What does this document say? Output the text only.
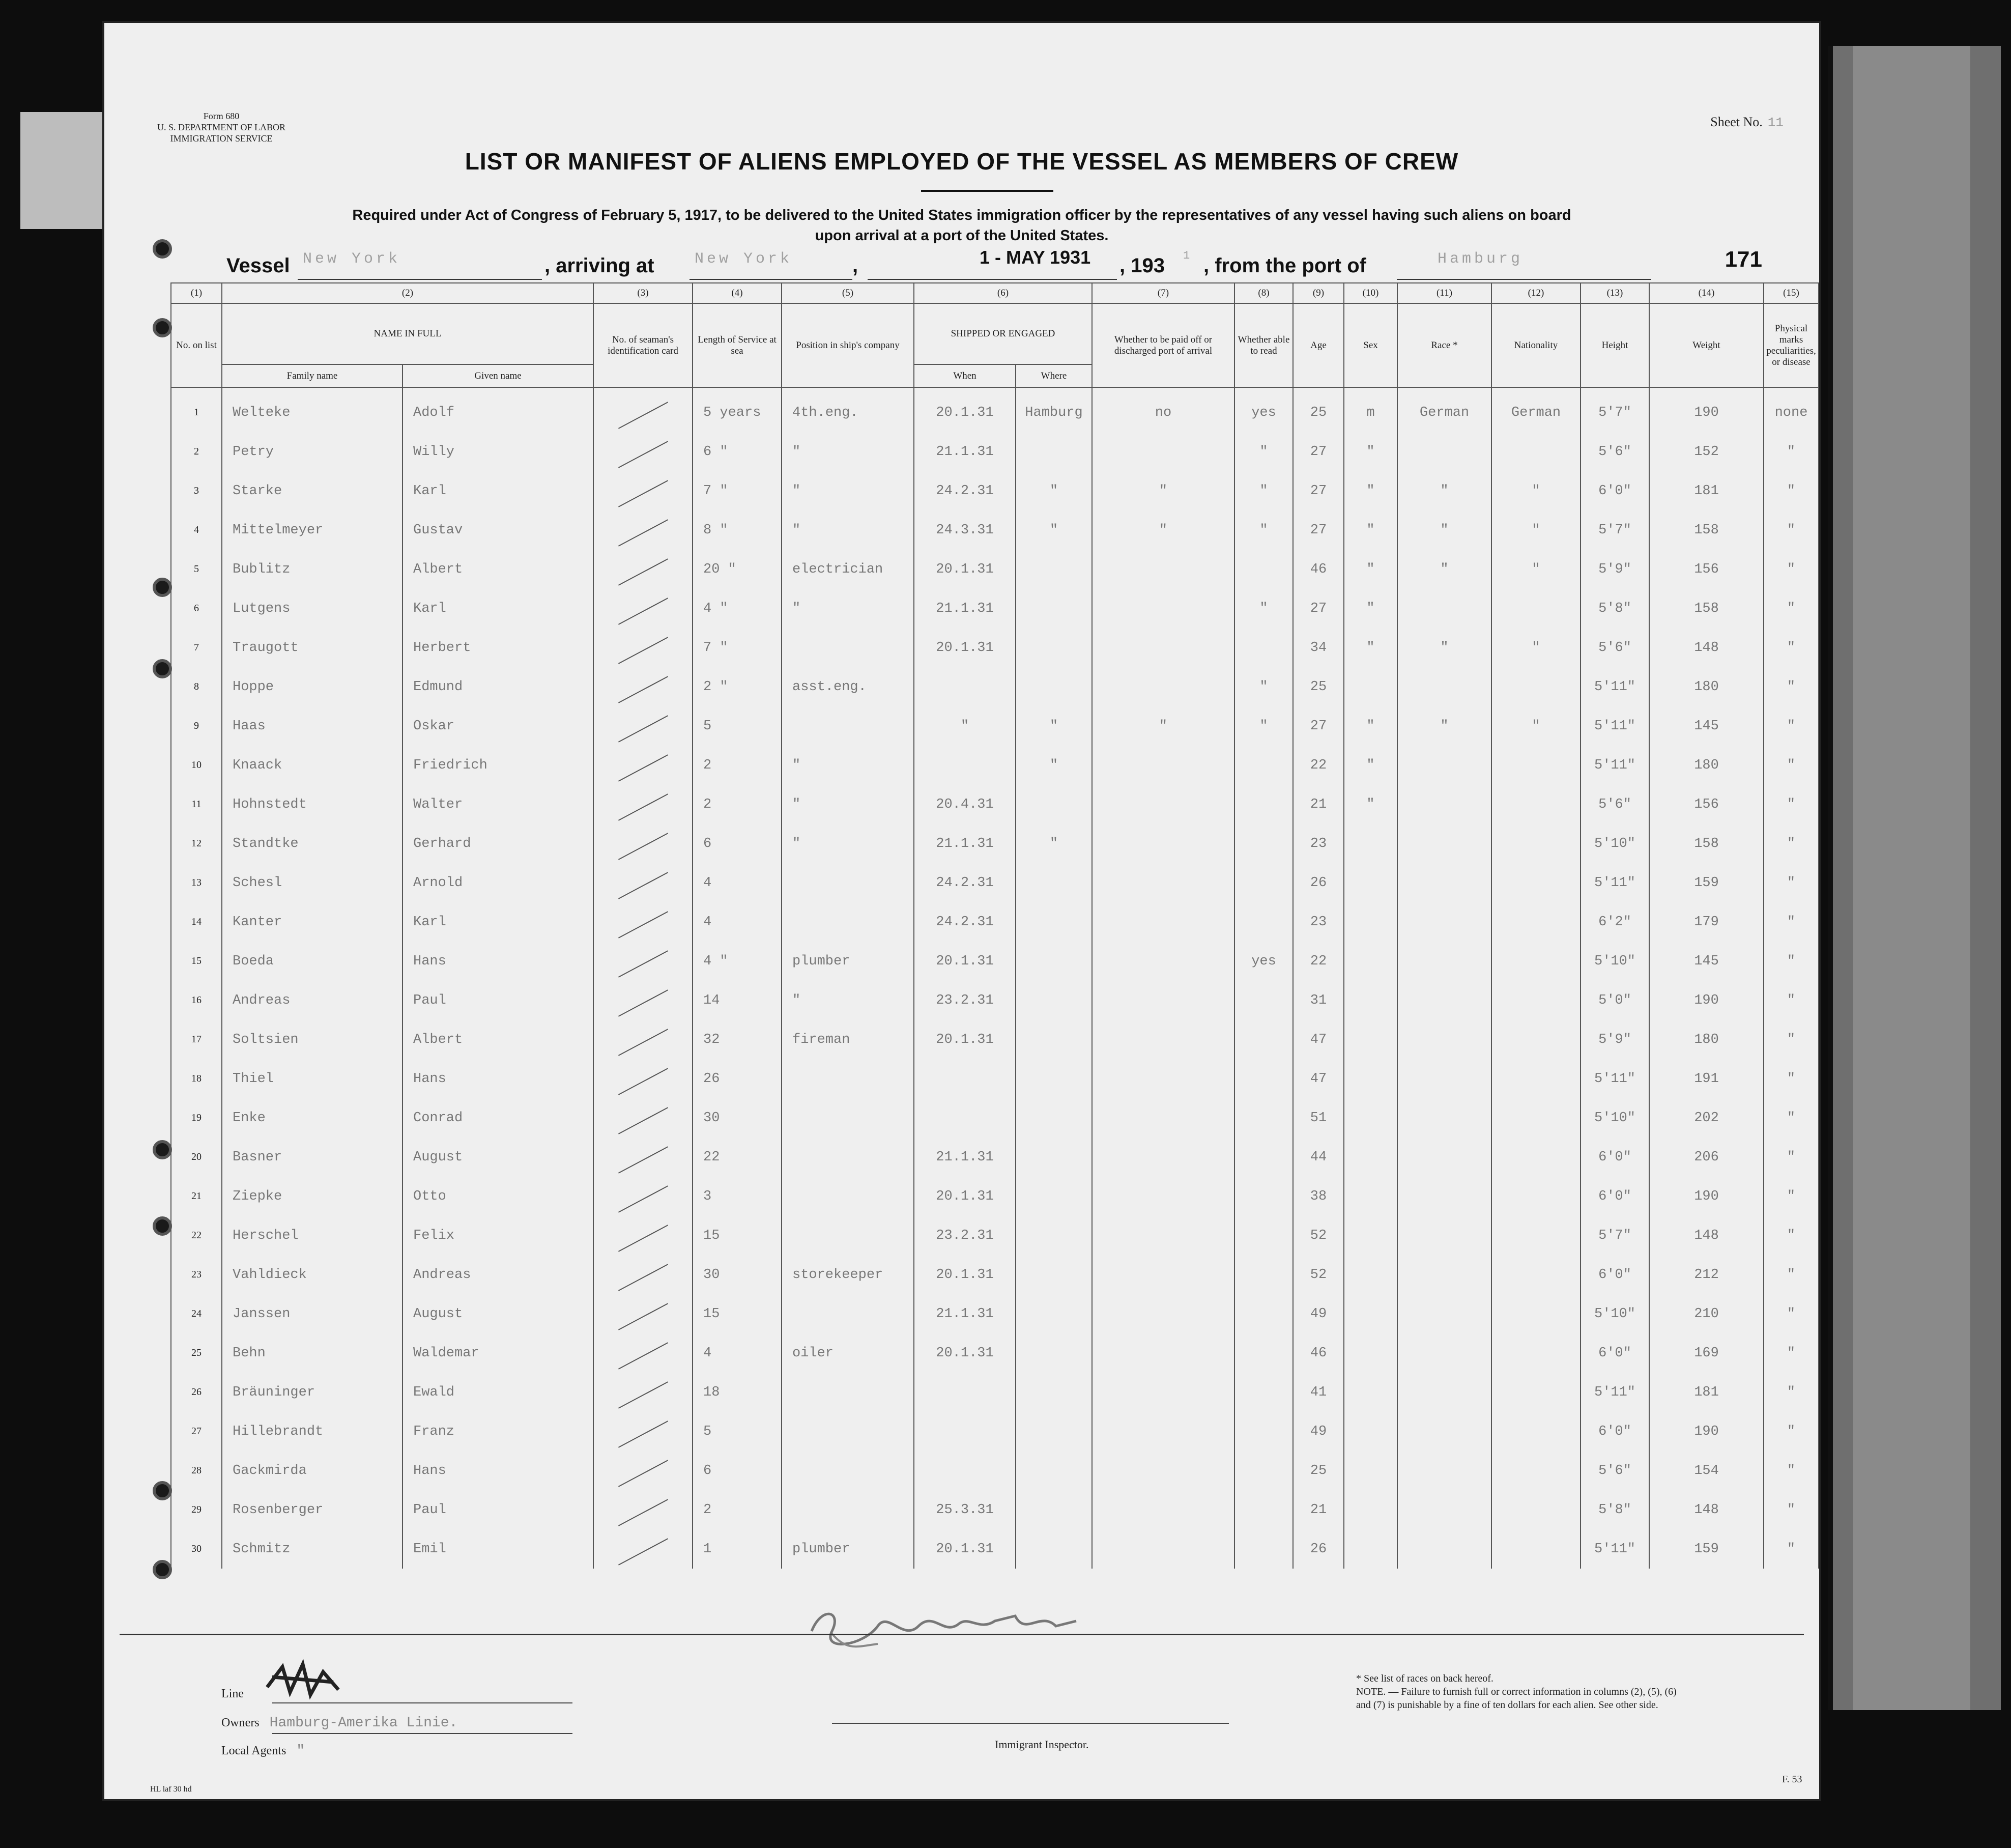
Form 680
U. S. DEPARTMENT OF LABOR
IMMIGRATION SERVICE
Sheet No. 11
LIST OR MANIFEST OF ALIENS EMPLOYED OF THE VESSEL AS MEMBERS OF CREW
Required under Act of Congress of February 5, 1917, to be delivered to the United States immigration officer by the representatives of any vessel having such aliens on board
upon arrival at a port of the United States.
171
Vessel New York	, arriving at	New York	,	1 - MAY 1931 , 193 1 , from the port of	Hamburg
(1)	(2)		(3)	(4)	(5)	(6)		(7)	(8)	(9)	(10)	(11)	(12)	(13)	(14)	(15)
No. on list	NAME IN FULL		No. of seaman's identification card	Length of Service at sea	Position in ship's company	SHIPPED OR ENGAGED		Whether to be paid off or discharged port of arrival	Whether able to read	Age	Sex	Race *	Nationality	Height	Weight	Physical marks peculiarities, or disease
	Family name	Given name				When	Where									
1	Welteke	Adolf		5 years	4th.eng.	20.1.31	Hamburg	no	yes	25	m	German	German	5'7"	190	none
2	Petry	Willy		6 "	"	21.1.31			"	27	"			5'6"	152	"
3	Starke	Karl		7 "	"	24.2.31	"	"	"	27	"	"	"	6'0"	181	"
4	Mittelmeyer	Gustav		8 "	"	24.3.31	"	"	"	27	"	"	"	5'7"	158	"
5	Bublitz	Albert		20 "	electrician	20.1.31				46	"	"	"	5'9"	156	"
6	Lutgens	Karl		4 "	"	21.1.31			"	27	"			5'8"	158	"
7	Traugott	Herbert		7 "		20.1.31				34	"	"	"	5'6"	148	"
8	Hoppe	Edmund		2 "	asst.eng.				"	25				5'11"	180	"
9	Haas	Oskar		5		"	"	"	"	27	"	"	"	5'11"	145	"
10	Knaack	Friedrich		2	"		"			22	"			5'11"	180	"
11	Hohnstedt	Walter		2	"	20.4.31				21	"			5'6"	156	"
12	Standtke	Gerhard		6	"	21.1.31	"			23				5'10"	158	"
13	Schesl	Arnold		4		24.2.31				26				5'11"	159	"
14	Kanter	Karl		4		24.2.31				23				6'2"	179	"
15	Boeda	Hans		4 "	plumber	20.1.31			yes	22				5'10"	145	"
16	Andreas	Paul		14	"	23.2.31				31				5'0"	190	"
17	Soltsien	Albert		32	fireman	20.1.31				47				5'9"	180	"
18	Thiel	Hans		26						47				5'11"	191	"
19	Enke	Conrad		30						51				5'10"	202	"
20	Basner	August		22		21.1.31				44				6'0"	206	"
21	Ziepke	Otto		3		20.1.31				38				6'0"	190	"
22	Herschel	Felix		15		23.2.31				52				5'7"	148	"
23	Vahldieck	Andreas		30	storekeeper	20.1.31				52				6'0"	212	"
24	Janssen	August		15		21.1.31				49				5'10"	210	"
25	Behn	Waldemar		4	oiler	20.1.31				46				6'0"	169	"
26	Bräuninger	Ewald		18						41				5'11"	181	"
27	Hillebrandt	Franz		5						49				6'0"	190	"
28	Gackmirda	Hans		6						25				5'6"	154	"
29	Rosenberger	Paul		2		25.3.31				21				5'8"	148	"
30	Schmitz	Emil		1	plumber	20.1.31				26				5'11"	159	"
Line
Owners Hamburg-Amerika Linie.
Local Agents "	Immigrant Inspector.
* See list of races on back hereof.
NOTE. — Failure to furnish full or correct information in columns (2), (5), (6) and (7) is punishable by a fine of ten dollars for each alien. See other side.
F. 53
HL laf 30 hd
